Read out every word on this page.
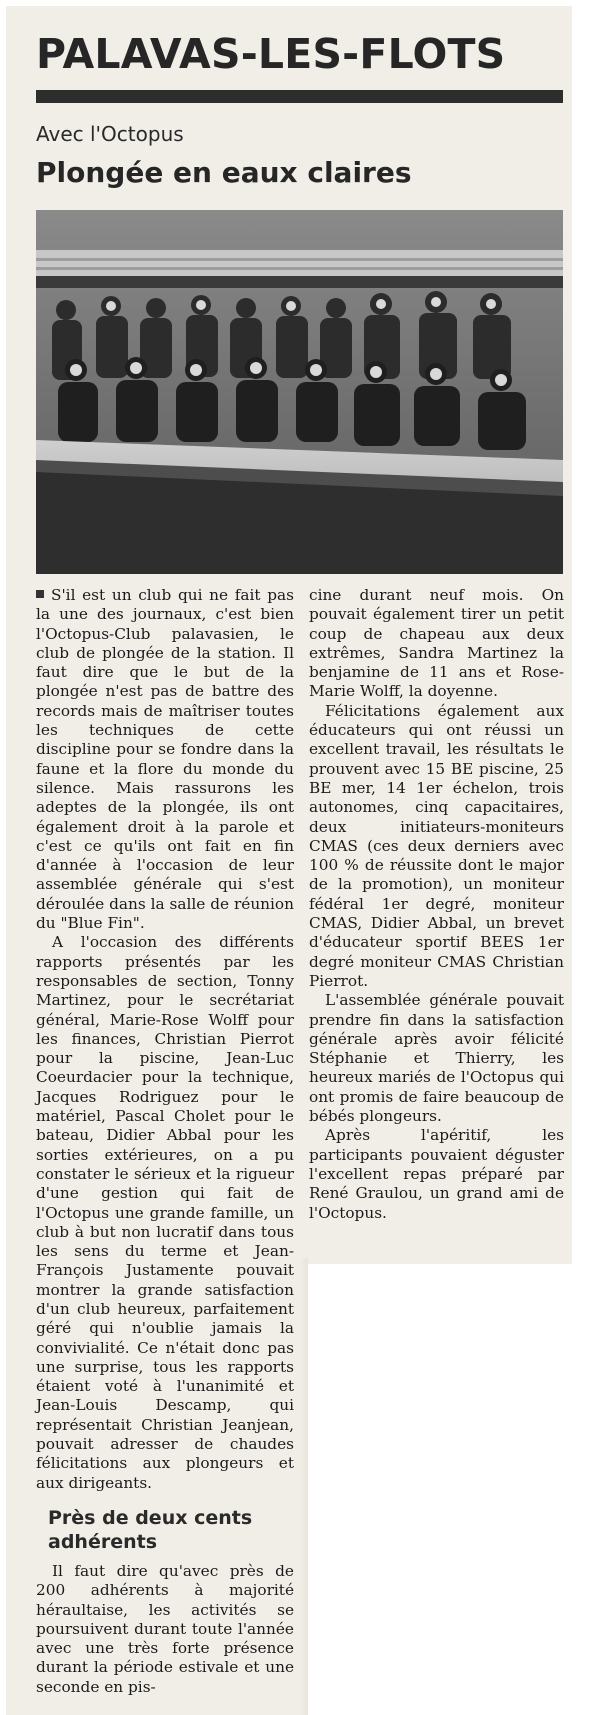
PALAVAS-LES-FLOTS
Avec l'Octopus
Plongée en eaux claires

S'il est un club qui ne fait pas la une des journaux, c'est bien l'Octopus-Club palavasien, le club de plongée de la station. Il faut dire que le but de la plongée n'est pas de battre des records mais de maîtriser toutes les techniques de cette discipline pour se fondre dans la faune et la flore du monde du silence. Mais rassurons les adeptes de la plongée, ils ont également droit à la parole et c'est ce qu'ils ont fait en fin d'année à l'occasion de leur assemblée générale qui s'est déroulée dans la salle de réunion du "Blue Fin".

A l'occasion des différents rapports présentés par les responsables de section, Tonny Martinez, pour le secrétariat général, Marie-Rose Wolff pour les finances, Christian Pierrot pour la piscine, Jean-Luc Coeurdacier pour la technique, Jacques Rodriguez pour le matériel, Pascal Cholet pour le bateau, Didier Abbal pour les sorties extérieures, on a pu constater le sérieux et la rigueur d'une gestion qui fait de l'Octopus une grande famille, un club à but non lucratif dans tous les sens du terme et Jean-François Justamente pouvait montrer la grande satisfaction d'un club heureux, parfaitement géré qui n'oublie jamais la convivialité. Ce n'était donc pas une surprise, tous les rapports étaient voté à l'unanimité et Jean-Louis Descamp, qui représentait Christian Jeanjean, pouvait adresser de chaudes félicitations aux plongeurs et aux dirigeants.

Près de deux cents adhérents

Il faut dire qu'avec près de 200 adhérents à majorité héraultaise, les activités se poursuivent durant toute l'année avec une très forte présence durant la période estivale et une seconde en pis-

cine durant neuf mois. On pouvait également tirer un petit coup de chapeau aux deux extrêmes, Sandra Martinez la benjamine de 11 ans et Rose-Marie Wolff, la doyenne.

Félicitations également aux éducateurs qui ont réussi un excellent travail, les résultats le prouvent avec 15 BE piscine, 25 BE mer, 14 1er échelon, trois autonomes, cinq capacitaires, deux initiateurs-moniteurs CMAS (ces deux derniers avec 100 % de réussite dont le major de la promotion), un moniteur fédéral 1er degré, moniteur CMAS, Didier Abbal, un brevet d'éducateur sportif BEES 1er degré moniteur CMAS Christian Pierrot.

L'assemblée générale pouvait prendre fin dans la satisfaction générale après avoir félicité Stéphanie et Thierry, les heureux mariés de l'Octopus qui ont promis de faire beaucoup de bébés plongeurs.

Après l'apéritif, les participants pouvaient déguster l'excellent repas préparé par René Graulou, un grand ami de l'Octopus.
